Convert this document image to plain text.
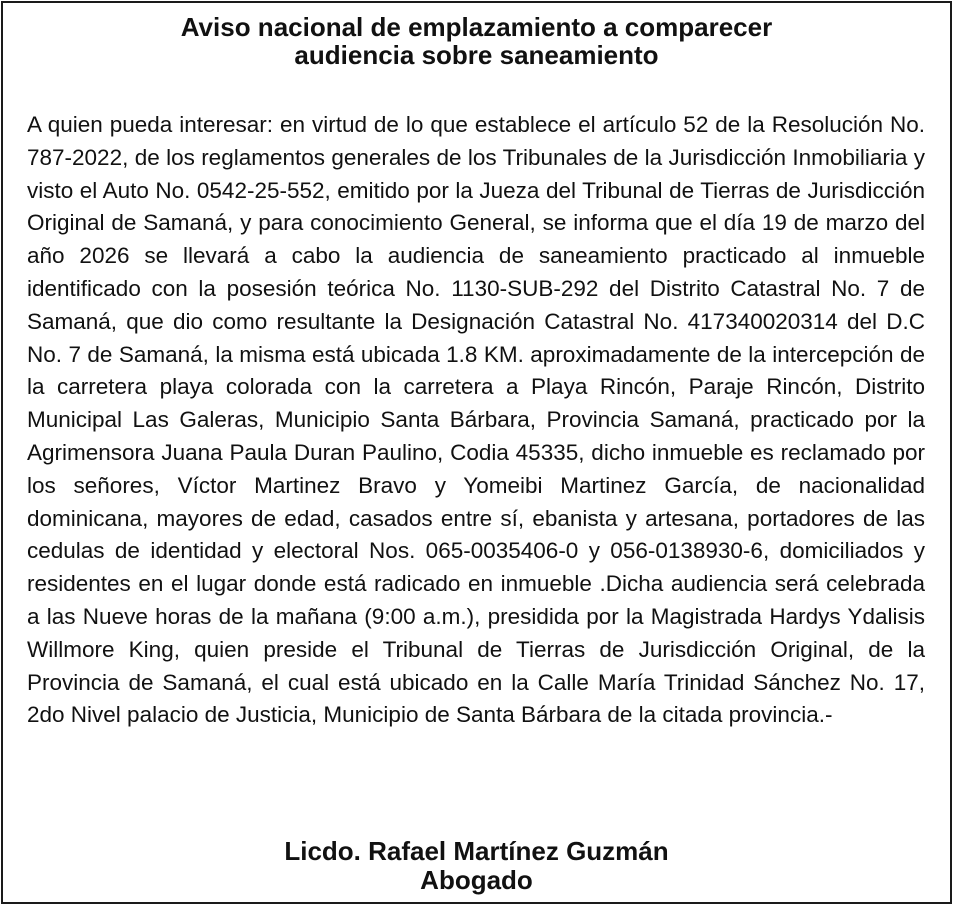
Aviso nacional de emplazamiento a comparecer
audiencia sobre saneamiento

A quien pueda interesar: en virtud de lo que establece el artículo 52 de la Resolución No. 787-2022, de los reglamentos generales de los Tribunales de la Jurisdicción Inmobiliaria y visto el Auto No. 0542-25-552, emitido por la Jueza del Tribunal de Tierras de Jurisdicción Original de Samaná, y para conocimiento General, se informa que el día 19 de marzo del año 2026 se llevará a cabo la audiencia de saneamiento practicado al inmueble identificado con la posesión teórica No. 1130-SUB-292 del Distrito Catastral No. 7 de Samaná, que dio como resultante la Designación Catastral No. 417340020314 del D.C No. 7 de Samaná, la misma está ubicada 1.8 KM. aproximadamente de la intercepción de la carretera playa colorada con la carretera a Playa Rincón, Paraje Rincón, Distrito Municipal Las Galeras, Municipio Santa Bárbara, Provincia Samaná, practicado por la Agrimensora Juana Paula Duran Paulino, Codia 45335, dicho inmueble es reclamado por los señores, Víctor Martinez Bravo y Yomeibi Martinez García, de nacionalidad dominicana, mayores de edad, casados entre sí, ebanista y artesana, portadores de las cedulas de identidad y electoral Nos. 065-0035406-0 y 056-0138930-6, domiciliados y residentes en el lugar donde está radicado en inmueble .Dicha audiencia será celebrada a las Nueve horas de la mañana (9:00 a.m.), presidida por la Magistrada Hardys Ydalisis Willmore King, quien preside el Tribunal de Tierras de Jurisdicción Original, de la Provincia de Samaná, el cual está ubicado en la Calle María Trinidad Sánchez No. 17, 2do Nivel palacio de Justicia, Municipio de Santa Bárbara de la citada provincia.-

Licdo. Rafael Martínez Guzmán
Abogado
